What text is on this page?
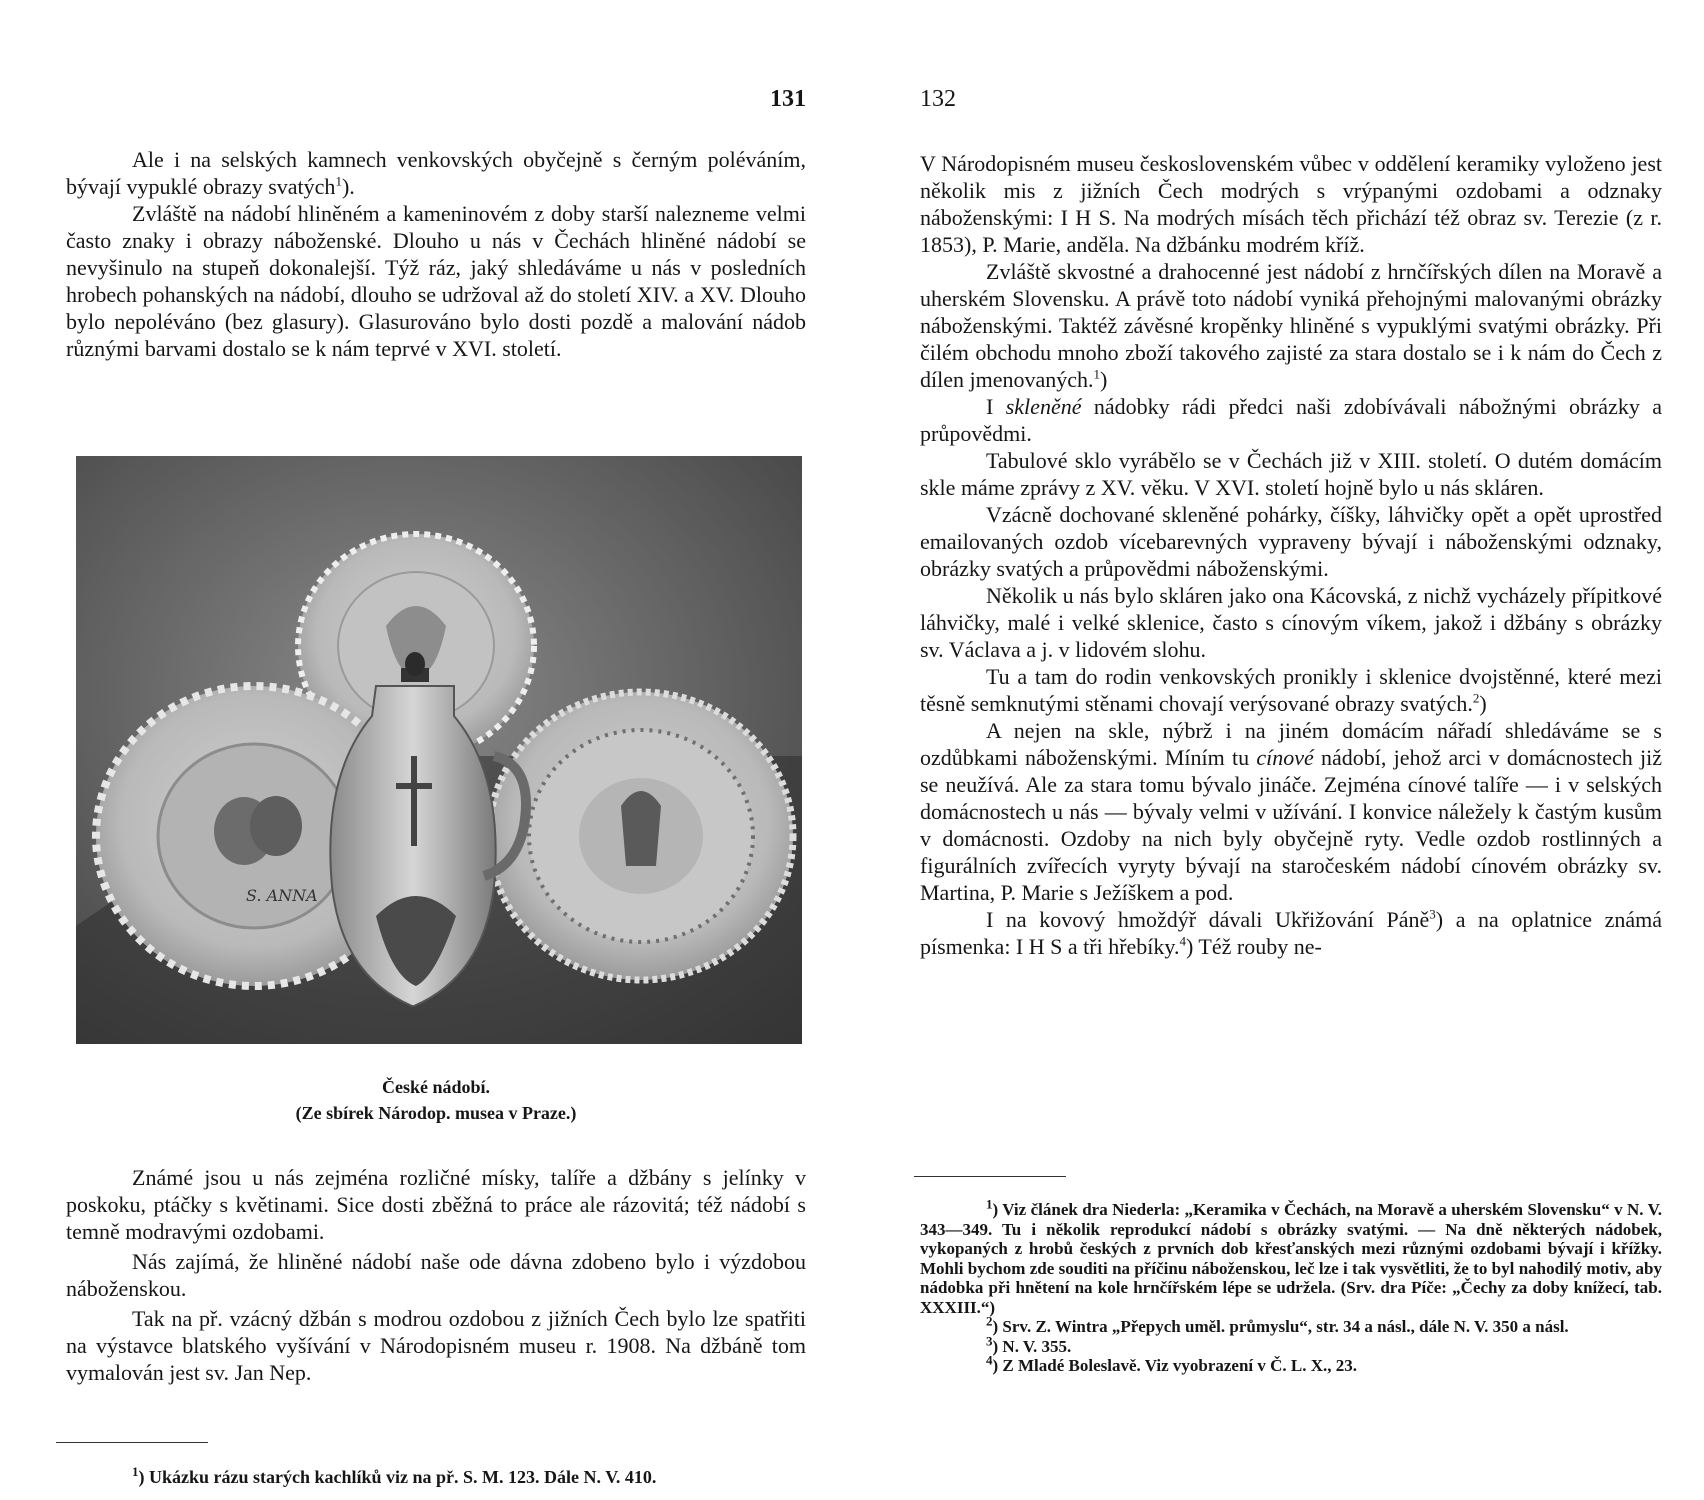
131

Ale i na selských kamnech venkovských obyčejně s černým poléváním, bývají vypuklé obrazy svatých$^1$).

Zvláště na nádobí hliněném a kameninovém z doby starší nalezneme velmi často znaky i obrazy náboženské. Dlouho u nás v Čechách hliněné nádobí se nevyšinulo na stupeň dokonalejší. Týž ráz, jaký shledáváme u nás v posledních hrobech pohanských na nádobí, dlouho se udržoval až do století XIV. a XV. Dlouho bylo nepoléváno (bez glasury). Glasurováno bylo dosti pozdě a malování nádob různými barvami dostalo se k nám teprvé v XVI. století.

S. ANNA
České nádobí.
(Ze sbírek Národop. musea v Praze.)

Známé jsou u nás zejména rozličné mísky, talíře a džbány s jelínky v poskoku, ptáčky s květinami. Sice dosti zběžná to práce ale rázovitá; též nádobí s temně modravými ozdobami.

Nás zajímá, že hliněné nádobí naše ode dávna zdobeno bylo i výzdobou náboženskou.

Tak na př. vzácný džbán s modrou ozdobou z jižních Čech bylo lze spatřiti na výstavce blatského vyšívání v Národopisném museu r. 1908. Na džbáně tom vymalován jest sv. Jan Nep.

$^1$) Ukázku rázu starých kachlíků viz na př. S. M. 123. Dále N. V. 410.

132

V Národopisném museu československém vůbec v oddělení keramiky vyloženo jest několik mis z jižních Čech modrých s vrýpanými ozdobami a odznaky náboženskými: I H S. Na modrých mísách těch přichází též obraz sv. Terezie (z r. 1853), P. Marie, anděla. Na džbánku modrém kříž.

Zvláště skvostné a drahocenné jest nádobí z hrnčířských dílen na Moravě a uherském Slovensku. A právě toto nádobí vyniká přehojnými malovanými obrázky náboženskými. Taktéž závěsné kropěnky hliněné s vypuklými svatými obrázky. Při čilém obchodu mnoho zboží takového zajisté za stara dostalo se i k nám do Čech z dílen jmenovaných.$^1$)

I skleněné nádobky rádi předci naši zdobívávali nábožnými obrázky a průpovědmi.

Tabulové sklo vyrábělo se v Čechách již v XIII. století. O dutém domácím skle máme zprávy z XV. věku. V XVI. století hojně bylo u nás skláren.

Vzácně dochované skleněné pohárky, číšky, láhvičky opět a opět uprostřed emailovaných ozdob vícebarevných vypraveny bývají i náboženskými odznaky, obrázky svatých a průpovědmi náboženskými.

Několik u nás bylo skláren jako ona Kácovská, z nichž vycházely přípitkové láhvičky, malé i velké sklenice, často s cínovým víkem, jakož i džbány s obrázky sv. Václava a j. v lidovém slohu.

Tu a tam do rodin venkovských pronikly i sklenice dvojstěnné, které mezi těsně semknutými stěnami chovají verýsované obrazy svatých.$^2$)

A nejen na skle, nýbrž i na jiném domácím nářadí shledáváme se s ozdůbkami náboženskými. Míním tu cínové nádobí, jehož arci v domácnostech již se neužívá. Ale za stara tomu bývalo jináče. Zejména cínové talíře — i v selských domácnostech u nás — bývaly velmi v užívání. I konvice náležely k častým kusům v domácnosti. Ozdoby na nich byly obyčejně ryty. Vedle ozdob rostlinných a figurálních zvířecích vyryty bývají na staročeském nádobí cínovém obrázky sv. Martina, P. Marie s Ježíškem a pod.

I na kovový hmoždýř dávali Ukřižování Páně$^3$) a na oplatnice známá písmenka: I H S a tři hřebíky.$^4$) Též rouby ne-

$^1$) Viz článek dra Niederla: „Keramika v Čechách, na Moravě a uherském Slovensku“ v N. V. 343—349. Tu i několik reprodukcí nádobí s obrázky svatými. — Na dně některých nádobek, vykopaných z hrobů českých z prvních dob křesťanských mezi různými ozdobami bývají i křížky. Mohli bychom zde souditi na příčinu náboženskou, leč lze i tak vysvětliti, že to byl nahodilý motiv, aby nádobka při hnětení na kole hrnčířském lépe se udržela. (Srv. dra Píče: „Čechy za doby knížecí, tab. XXXIII.“)

$^2$) Srv. Z. Wintra „Přepych uměl. průmyslu“, str. 34 a násl., dále N. V. 350 a násl.

$^3$) N. V. 355.

$^4$) Z Mladé Boleslavě. Viz vyobrazení v Č. L. X., 23.
